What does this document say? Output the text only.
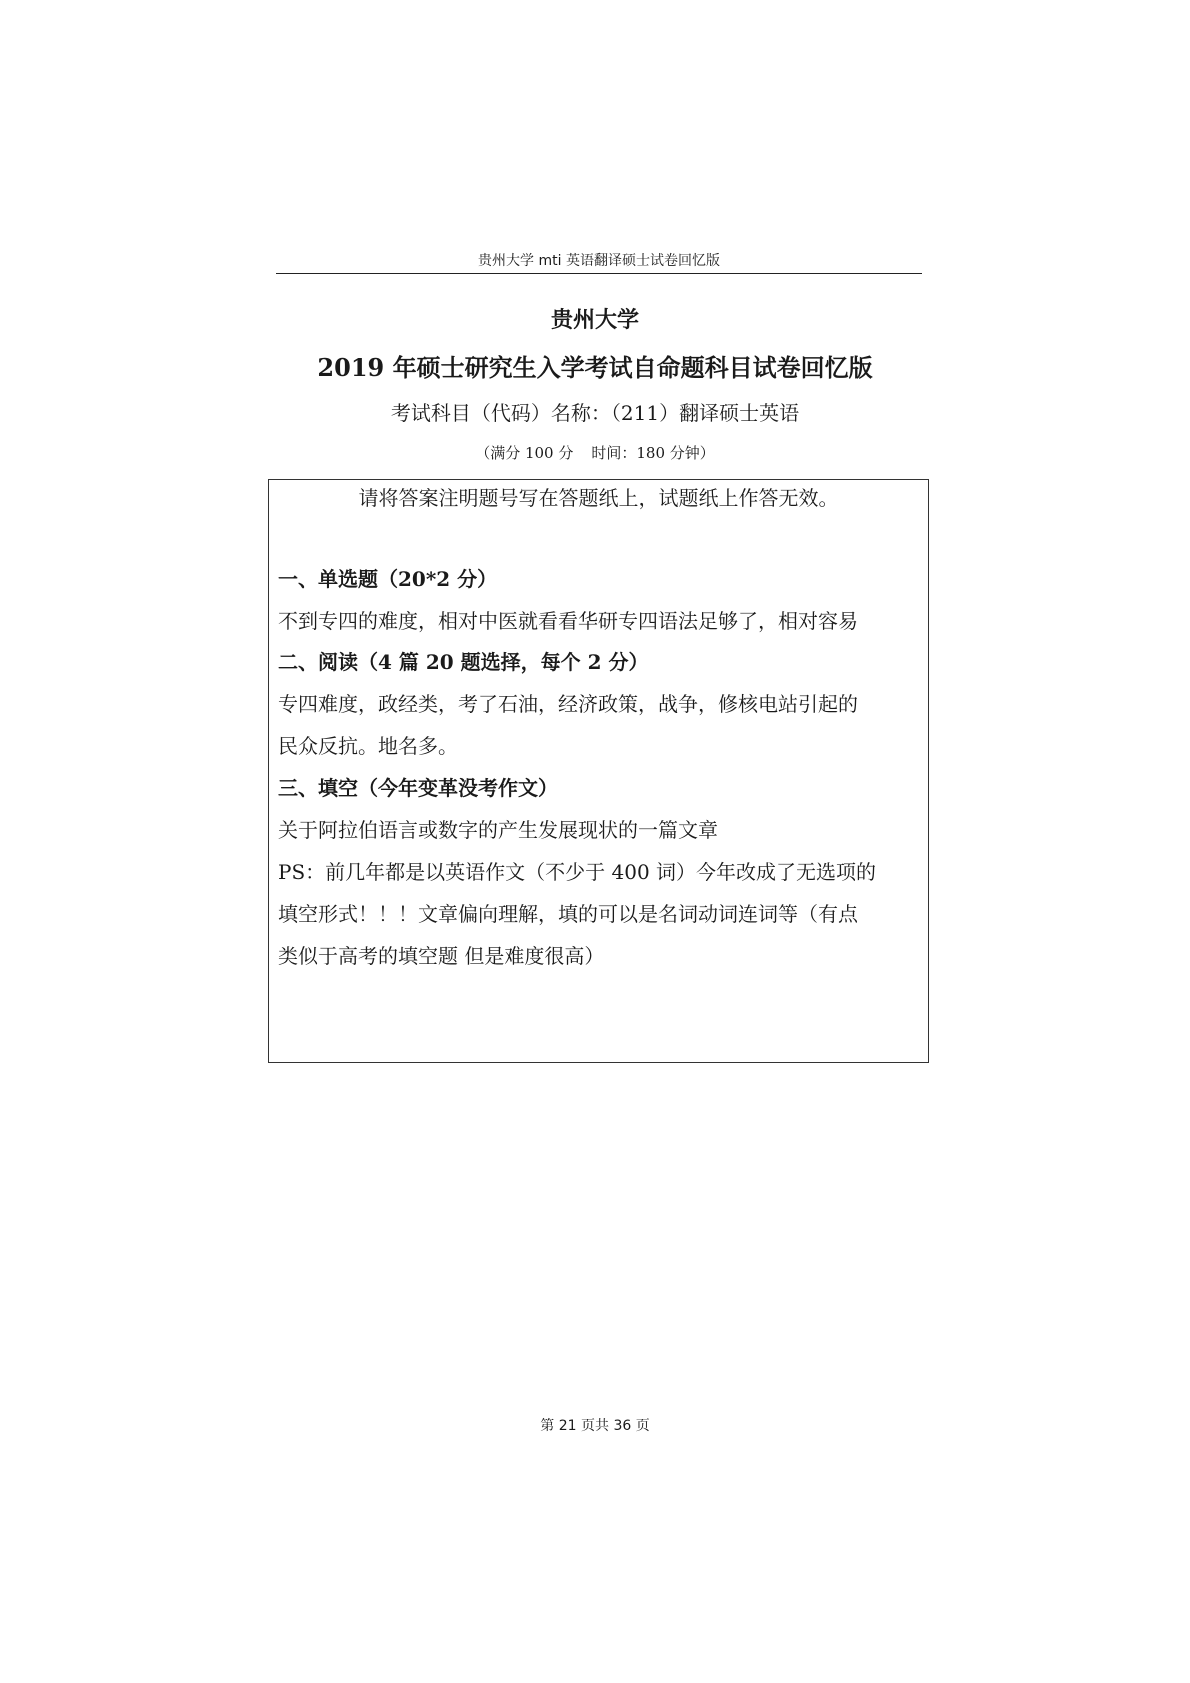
贵州大学 mti 英语翻译硕士试卷回忆版
贵州大学
2019 年硕士研究生入学考试自命题科目试卷回忆版
考试科目（代码）名称：（211）翻译硕士英语
（满分 100 分 时间：180 分钟）
请将答案注明题号写在答题纸上，试题纸上作答无效。
一、单选题（20*2 分）
不到专四的难度，相对中医就看看华研专四语法足够了，相对容易
二、阅读（4 篇 20 题选择，每个 2 分）
专四难度，政经类，考了石油，经济政策，战争，修核电站引起的
民众反抗。地名多。
三、填空（今年变革没考作文）
关于阿拉伯语言或数字的产生发展现状的一篇文章
PS：前几年都是以英语作文（不少于 400 词）今年改成了无选项的
填空形式！！！文章偏向理解，填的可以是名词动词连词等（有点
类似于高考的填空题 但是难度很高）
第 21 页共 36 页
